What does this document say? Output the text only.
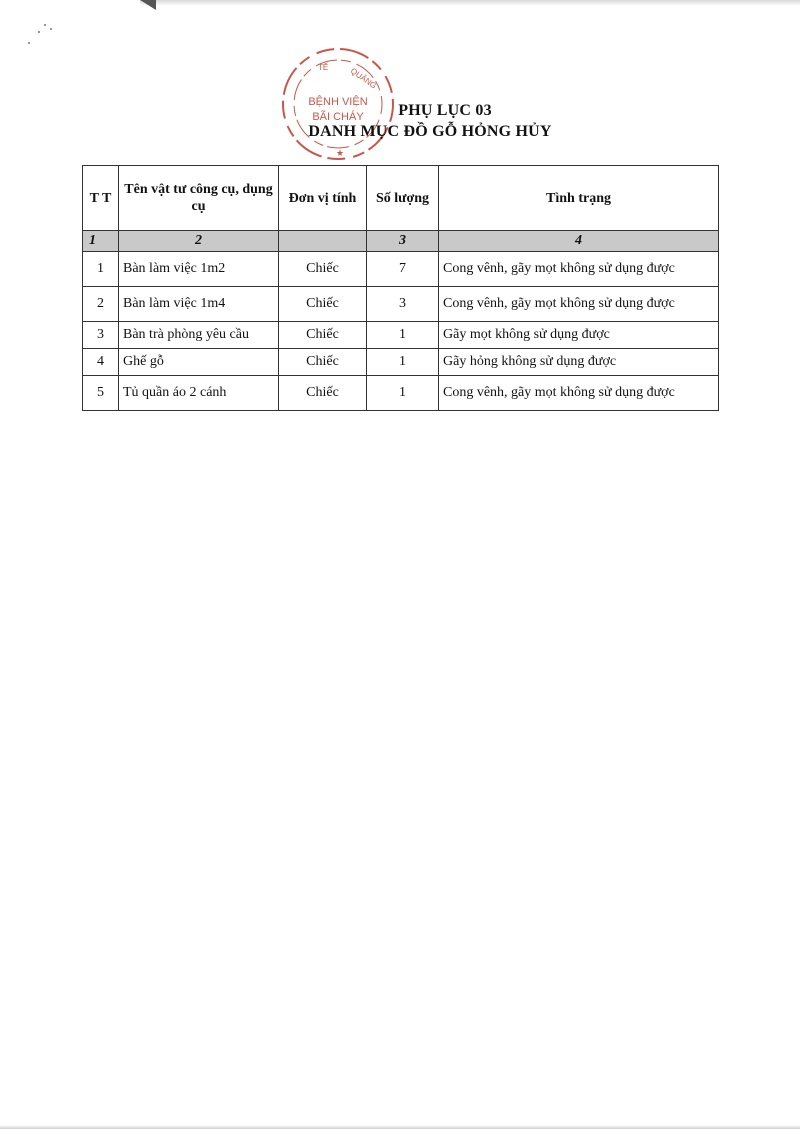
TẾ	QUẢNG
BỆNH VIỆN
BÃI CHÁY
★
PHỤ LỤC 03
DANH MỤC ĐỒ GỖ HỎNG HỦY
T T	Tên vật tư công cụ, dụng cụ	Đơn vị tính	Số lượng	Tình trạng
1	2		3	4
1	Bàn làm việc 1m2	Chiếc	7	Cong vênh, gãy mọt không sử dụng được
2	Bàn làm việc 1m4	Chiếc	3	Cong vênh, gãy mọt không sử dụng được
3	Bàn trà phòng yêu cầu	Chiếc	1	Gãy mọt không sử dụng được
4	Ghế gỗ	Chiếc	1	Gãy hỏng không sử dụng được
5	Tủ quần áo 2 cánh	Chiếc	1	Cong vênh, gãy mọt không sử dụng được
